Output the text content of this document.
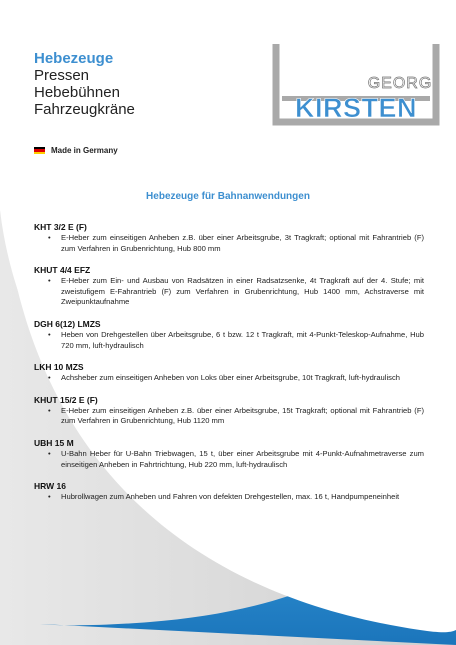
Hebezeuge
Pressen
Hebebühnen
Fahrzeugkräne
GEORG
KIRSTEN
Made in Germany
Hebezeuge für Bahnanwendungen
KHT 3/2 E (F)
• E-Heber zum einseitigen Anheben z.B. über einer Arbeitsgrube, 3t Tragkraft; optional mit Fahrantrieb (F) zum Verfahren in Grubenrichtung, Hub 800 mm
KHUT 4/4 EFZ
• E-Heber zum Ein- und Ausbau von Radsätzen in einer Radsatzsenke, 4t Tragkraft auf der 4. Stufe; mit zweistufigem E-Fahrantrieb (F) zum Verfahren in Grubenrichtung, Hub 1400 mm, Achstraverse mit Zweipunktaufnahme
DGH 6(12) LMZS
• Heben von Drehgestellen über Arbeitsgrube, 6 t bzw. 12 t Tragkraft, mit 4-Punkt-Teleskop-Aufnahme, Hub 720 mm, luft-hydraulisch
LKH 10 MZS
• Achsheber zum einseitigen Anheben von Loks über einer Arbeitsgrube, 10t Tragkraft, luft-hydraulisch
KHUT 15/2 E (F)
• E-Heber zum einseitigen Anheben z.B. über einer Arbeitsgrube, 15t Tragkraft; optional mit Fahrantrieb (F) zum Verfahren in Grubenrichtung, Hub 1120 mm
UBH 15 M
• U-Bahn Heber für U-Bahn Triebwagen, 15 t, über einer Arbeitsgrube mit 4-Punkt-Aufnahmetraverse zum einseitigen Anheben in Fahrtrichtung, Hub 220 mm, luft-hydraulisch
HRW 16
• Hubrollwagen zum Anheben und Fahren von defekten Drehgestellen, max. 16 t, Handpumpeneinheit
